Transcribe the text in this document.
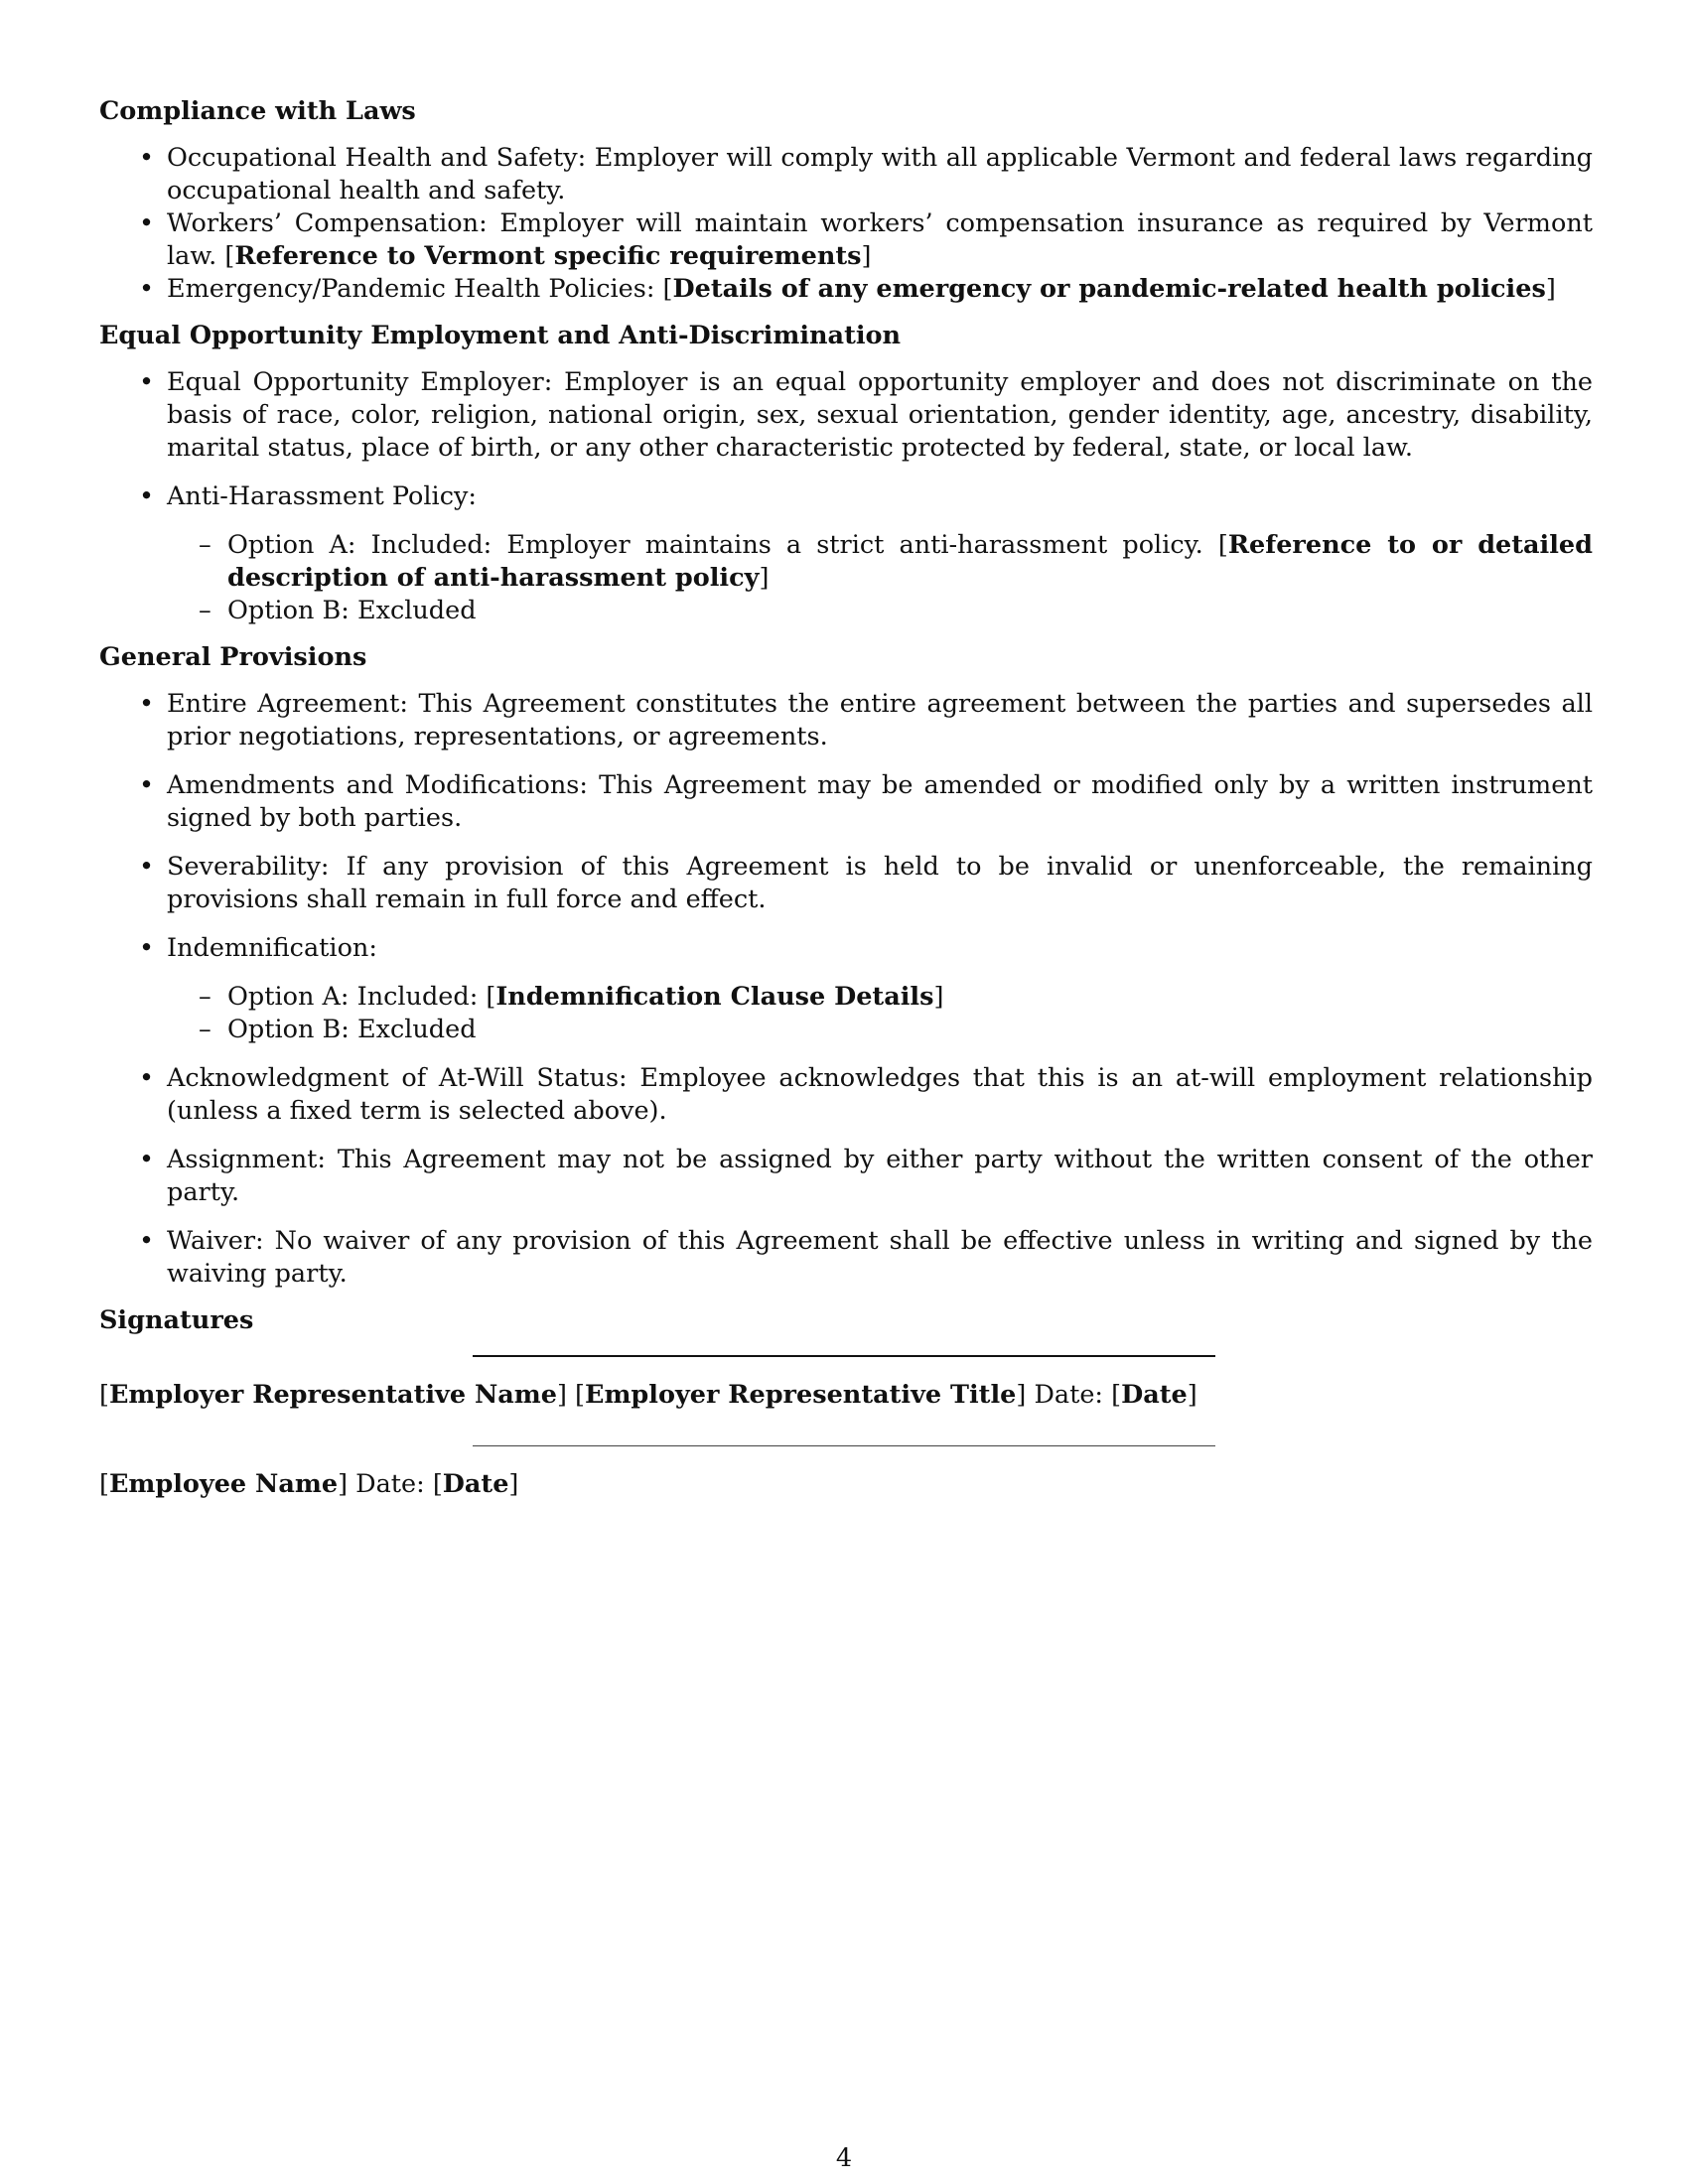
Compliance with Laws
• Occupational Health and Safety: Employer will comply with all applicable Vermont and federal laws regarding occupational health and safety.
• Workers’ Compensation: Employer will maintain workers’ compensation insurance as required by Vermont law. [Reference to Vermont specific requirements]
• Emergency/Pandemic Health Policies: [Details of any emergency or pandemic-related health policies]
Equal Opportunity Employment and Anti-Discrimination
• Equal Opportunity Employer: Employer is an equal opportunity employer and does not discriminate on the basis of race, color, religion, national origin, sex, sexual orientation, gender identity, age, ancestry, disability, marital status, place of birth, or any other characteristic protected by federal, state, or local law.
• Anti-Harassment Policy:
– Option A: Included: Employer maintains a strict anti-harassment policy. [Reference to or detailed description of anti-harassment policy]
– Option B: Excluded
General Provisions
• Entire Agreement: This Agreement constitutes the entire agreement between the parties and supersedes all prior negotiations, representations, or agreements.
• Amendments and Modifications: This Agreement may be amended or modified only by a written instrument signed by both parties.
• Severability: If any provision of this Agreement is held to be invalid or unenforceable, the remaining provisions shall remain in full force and effect.
• Indemnification:
– Option A: Included: [Indemnification Clause Details]
– Option B: Excluded
• Acknowledgment of At-Will Status: Employee acknowledges that this is an at-will employment relationship (unless a fixed term is selected above).
• Assignment: This Agreement may not be assigned by either party without the written consent of the other party.
• Waiver: No waiver of any provision of this Agreement shall be effective unless in writing and signed by the waiving party.
Signatures
[Employer Representative Name] [Employer Representative Title] Date: [Date]
[Employee Name] Date: [Date]
4
